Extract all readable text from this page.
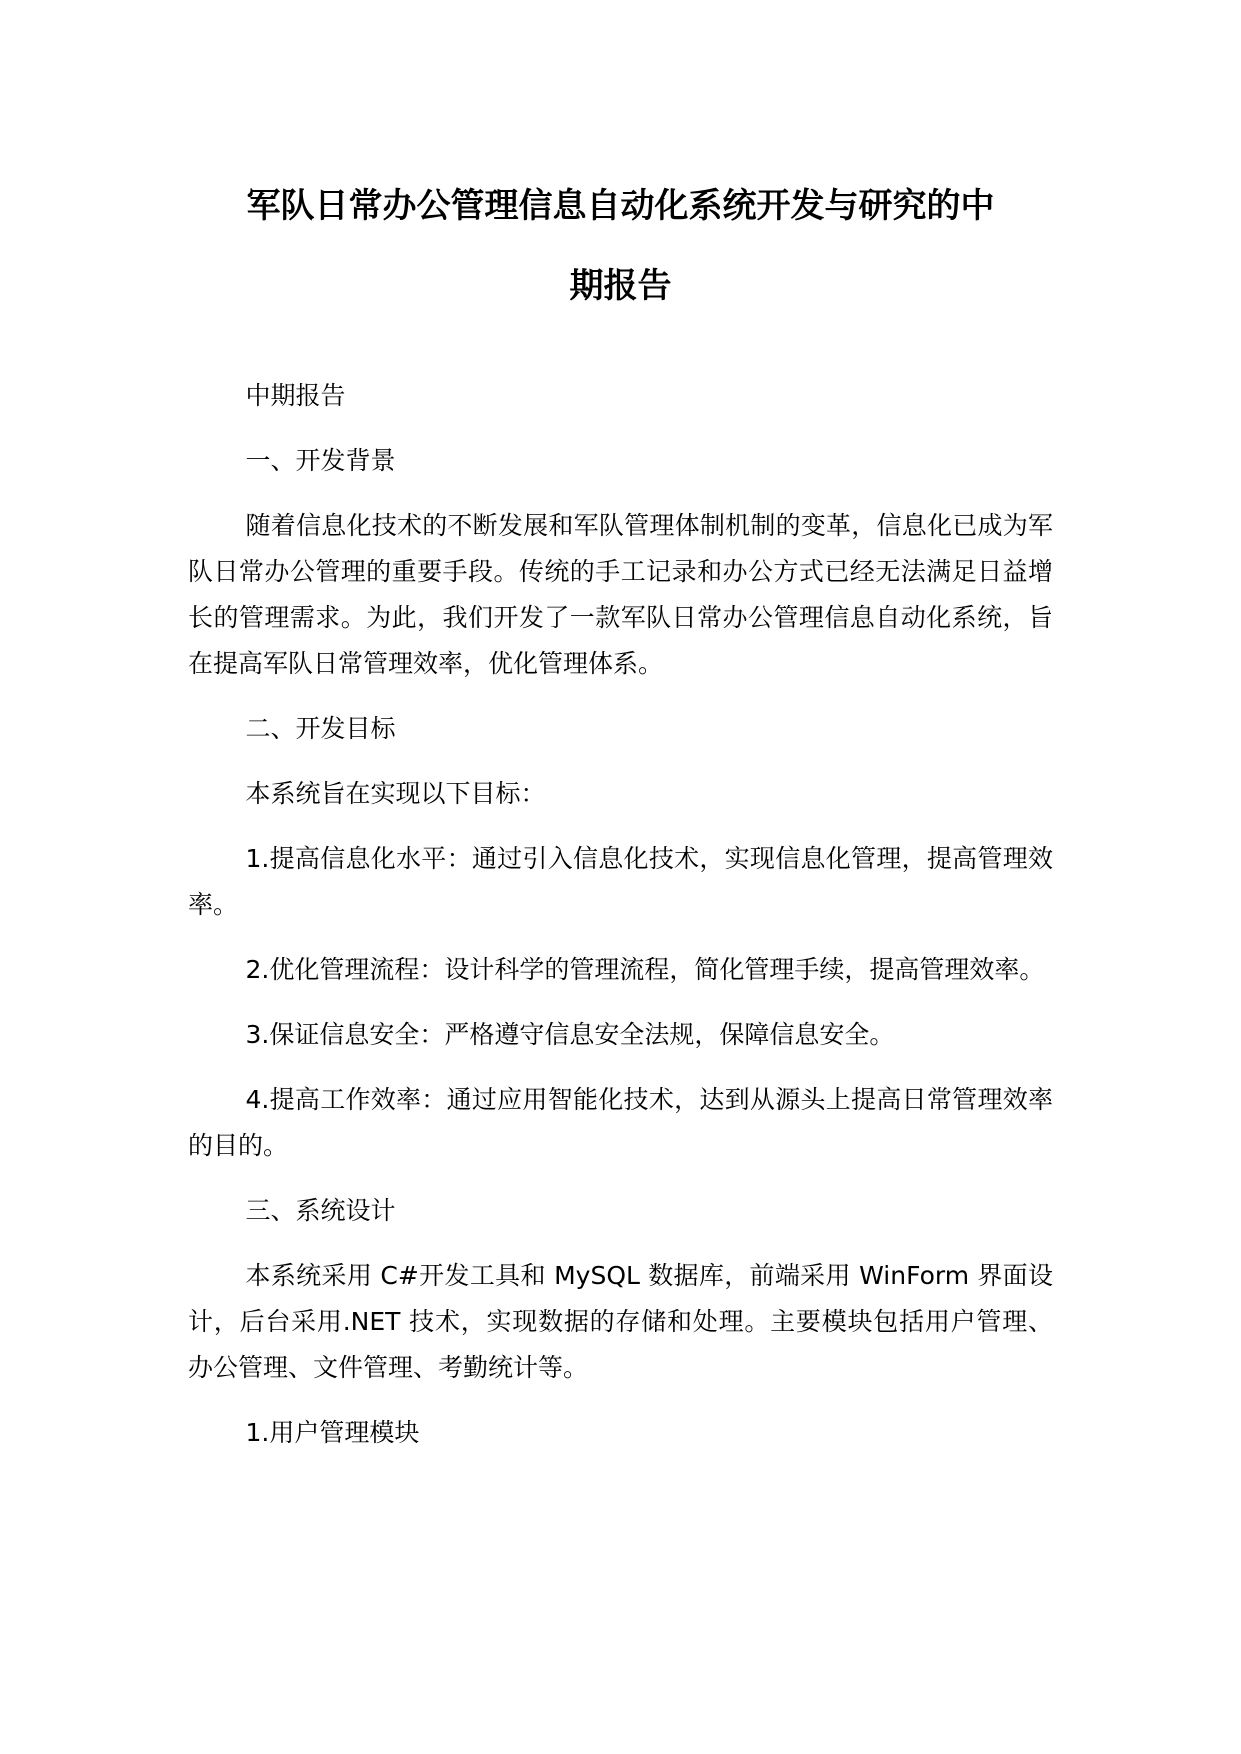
军队日常办公管理信息自动化系统开发与研究的中
期报告

中期报告

一、开发背景

随着信息化技术的不断发展和军队管理体制机制的变革，信息化已成为军队日常办公管理的重要手段。传统的手工记录和办公方式已经无法满足日益增长的管理需求。为此，我们开发了一款军队日常办公管理信息自动化系统，旨在提高军队日常管理效率，优化管理体系。

二、开发目标

本系统旨在实现以下目标：

1.提高信息化水平：通过引入信息化技术，实现信息化管理，提高管理效率。

2.优化管理流程：设计科学的管理流程，简化管理手续，提高管理效率。

3.保证信息安全：严格遵守信息安全法规，保障信息安全。

4.提高工作效率：通过应用智能化技术，达到从源头上提高日常管理效率的目的。

三、系统设计

本系统采用 C#开发工具和 MySQL 数据库，前端采用 WinForm 界面设计，后台采用.NET 技术，实现数据的存储和处理。主要模块包括用户管理、办公管理、文件管理、考勤统计等。

1.用户管理模块
